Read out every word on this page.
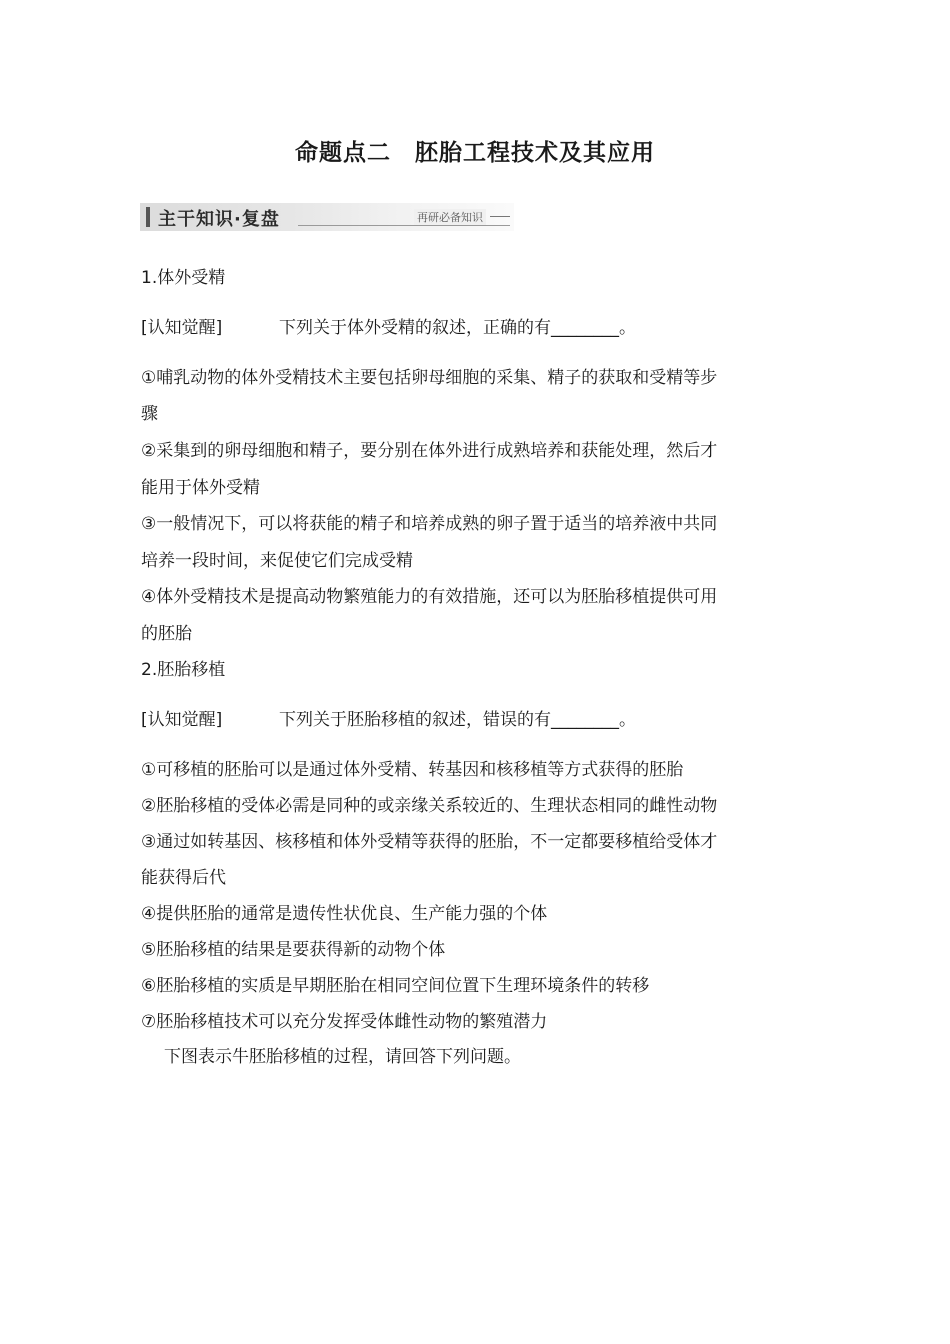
命题点二　胚胎工程技术及其应用
主干知识·复盘	再研必备知识
1.体外受精
[认知觉醒]	下列关于体外受精的叙述，正确的有________。
①哺乳动物的体外受精技术主要包括卵母细胞的采集、精子的获取和受精等步
骤
②采集到的卵母细胞和精子，要分别在体外进行成熟培养和获能处理，然后才
能用于体外受精
③一般情况下，可以将获能的精子和培养成熟的卵子置于适当的培养液中共同
培养一段时间，来促使它们完成受精
④体外受精技术是提高动物繁殖能力的有效措施，还可以为胚胎移植提供可用
的胚胎
2.胚胎移植
[认知觉醒]	下列关于胚胎移植的叙述，错误的有________。
①可移植的胚胎可以是通过体外受精、转基因和核移植等方式获得的胚胎
②胚胎移植的受体必需是同种的或亲缘关系较近的、生理状态相同的雌性动物
③通过如转基因、核移植和体外受精等获得的胚胎，不一定都要移植给受体才
能获得后代
④提供胚胎的通常是遗传性状优良、生产能力强的个体
⑤胚胎移植的结果是要获得新的动物个体
⑥胚胎移植的实质是早期胚胎在相同空间位置下生理环境条件的转移
⑦胚胎移植技术可以充分发挥受体雌性动物的繁殖潜力
下图表示牛胚胎移植的过程，请回答下列问题。
